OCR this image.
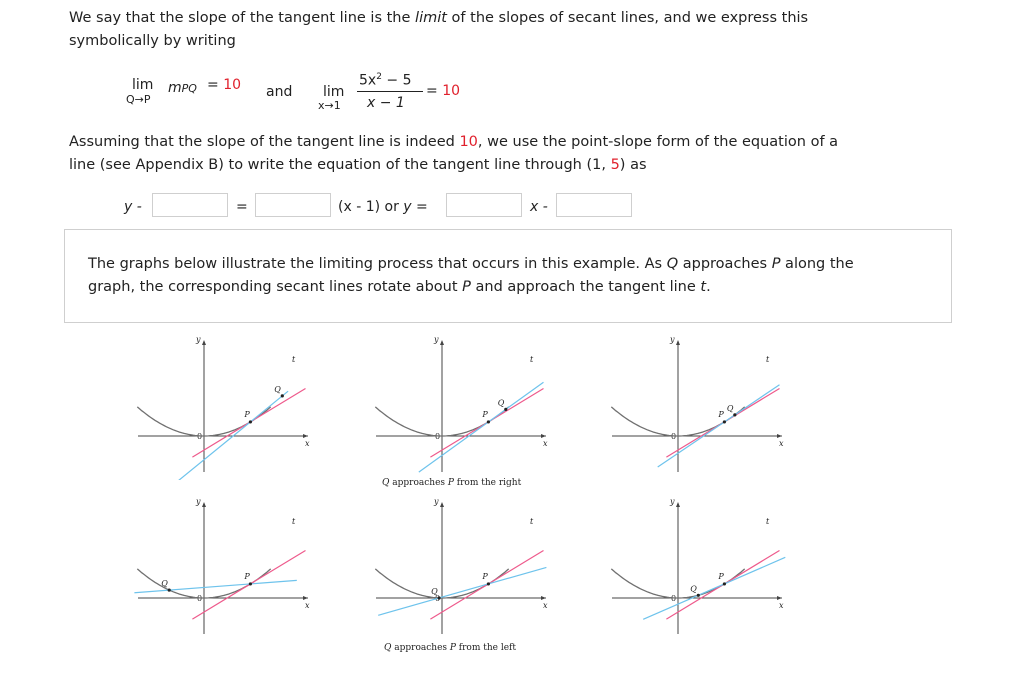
We say that the slope of the tangent line is the limit of the slopes of secant lines, and we express this
symbolically by writing
lim
Q→P
mPQ = 10 and lim
x→1
$5x^2 - 5$
x − 1
= 10
Assuming that the slope of the tangent line is indeed 10, we use the point-slope form of the equation of a
line (see Appendix B) to write the equation of the tangent line through (1, 5) as
y -	=	(x - 1) or y =	x -
The graphs below illustrate the limiting process that occurs in this example. As Q approaches P along the
graph, the corresponding secant lines rotate about P and approach the tangent line t.
x
y
0
P
Q
t
x
y
0
P
Q
t
x
y
0
P
Q
t
Q approaches P from the right
x
y
0
P
Q
t
x
y
P
Q
t
x
y
0
P
Q
t
Q approaches P from the left
